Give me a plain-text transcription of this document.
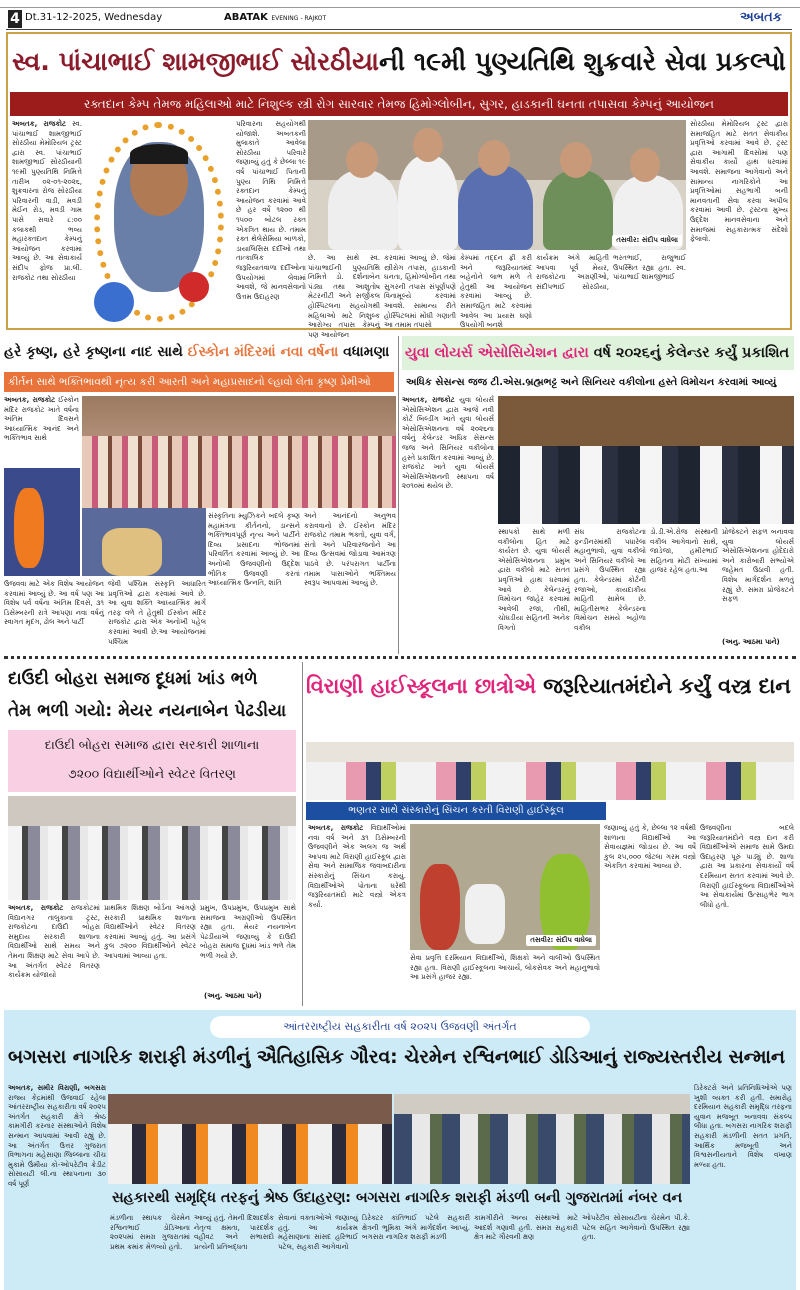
4 Dt.31-12-2025, Wednesday	ABATAK EVENING - RAJKOT	અબતક
સ્વ. પાંચાભાઈ શામજીભાઈ સોરઠીયાની ૧૯મી પુણ્યતિથિ શુક્રવારે સેવા પ્રકલ્પો
રક્તદાન કેમ્પ તેમજ મહિલાઓ માટે નિશુલ્ક સ્ત્રી રોગ સારવાર તેમજ હિમોગ્લોબીન, સુગર, હાડકાની ઘનતા તપાસવા કેમ્પનું આયોજન
અબતક, રાજકોટ સ્વ. પાંચાભાઈ શામજીભાઈ સોરઠીયા મેમોરિયલ ટ્રસ્ટ દ્વારા સ્વ. પાંચાભાઈ શામજીભાઈ સોરઠીયાની ૧૯મી પુણ્યતિથિ નિમિત્તે તારીખ ૦૨-૦૧-૨૦૨૬, શુક્રવારના રોજ સોરઠીયા પરિવારની વાડી, મવડી મેઈન રોડ, મવડી ગામ પાસે સવારે ૮:૦૦ કલાકથી ભવ્ય મહારક્તદાન કેમ્પનું આયોજન કરવામાં આવ્યું છે. આ સેવાકાર્ય સંદીપ ફોજ પ્રા.લી. રાજકોટ તથા સોરઠીયા
પરિવારના સહયોગથી યોજાશે. અબતકની મુલાકાતે આવેલા સોરઠીયા પરિવારે જણાવ્યું હતું કે છેલ્લા ૧૯ વર્ષ પાંચાભાઈ પિતાની પુણ્ય તિથિ નિમિત્તે રક્તદાન કેમ્પનું આયોજન કરવામાં આવે છે હર વર્ષે ૧૨૦૦ થી ૧૫૦૦ બોટલ રક્ત એકત્રિત થાય છે. તમામ રક્ત થેલેસેમિયા બાળકો, ડાયાલિસિસ દર્દીઓ તથા તાત્કાલિક જરૂરિયાતવાળા દર્દીઓના ઉપયોગમાં લેવામાં આવશે, જે માનવસેવાનો ઉત્તમ ઉદાહરણ
તસવીર: સંદીપ વાઘેલા
છે. આ સાથે સ્વ. પાંચાભાઈની પુણ્યતિથિ નિમિત્તે ડો. દર્શનાબેન પંડ્યા તથા આશુતોષ મેટરનીટી અને સર્જીકલ હોસ્પિટલના સહયોગથી મહિલાઓ માટે નિશુલ્ક આરોગ્ય તપાસ કેમ્પનું પણ આયોજન
કરવામાં આવ્યું છે. જેમાં સ્ત્રીરોગ તપાસ, હાડકાની ઘનતા, હિમોગ્લોબીન તથા સુગરની તપાસ સંપૂર્ણપણે વિનામૂલ્યે કરવામાં આવશે. સામાન્ય રીતે હોસ્પિટલમાં મોંઘી ગણાતી આ તમામ તપાસો
કેમ્પમાં તદ્દન ફ્રી કરી અને જરૂરિયાતમંદ બહેનોને લાભ મળે તે હેતુથી આ આયોજન કરવામાં આવ્યું છે. સમાજહિત માટે કરવામાં આવેલ આ પ્રયાસ ઘણો ઉપયોગી બનશે
કાર્યક્રમ અંગે માહિતી આપવા પૂર્વ મેયર, રાજકોટના અગ્રણીઓ, સંદીપભાઈ સોરઠીયા, ભરતભાઈ, રાજુભાઈ ઉપસ્થિત રહ્યા હતા. સ્વ. પાંચાભાઈ શામજીભાઈ
સોરઠીયા મેમોરિયલ ટ્રસ્ટ દ્વારા સમાજહિત માટે સતત સેવાકીય પ્રવૃત્તિઓ કરવામાં આવે છે. ટ્રસ્ટ દ્વારા આગામી દિવસોમાં પણ સેવાકીય કાર્યો હાથ ધરવામાં આવશે. સમાજના આગેવાનો અને સામાન્ય નાગરિકોને આ પ્રવૃત્તિઓમાં સહભાગી બની માનવતાની સેવા કરવા અપીલ કરવામાં આવી છે. ટ્રસ્ટના મુખ્ય ઉદ્દેશ માનવસેવાના અને સમાજમાં સહકારાત્મક સંદેશો ફેલાવો.
હરે કૃષ્ણ, હરે કૃષ્ણના નાદ સાથે ઈસ્કોન મંદિરમાં નવા વર્ષના વધામણા
કીર્તન સાથે ભક્તિભાવથી નૃત્ય કરી આરતી અને મહાપ્રસાદનો લ્હાવો લેતા કૃષ્ણ પ્રેમીઓ
અબતક, રાજકોટ ઈસ્કોન મંદિર રાજકોટ ખાતે વર્ષના અંતિમ દિવસને આધ્યાત્મિક આનંદ અને ભક્તિભાવ સાથે
સંસ્કૃતિના મ્યુઝિકને બદલે કૃષ્ણ મહામંત્રના કીર્તનનો, ડાન્સને ભક્તિભાવપૂર્ણ નૃત્ય અને પાર્ટીને દિવ્ય પ્રસાદના ભોજનમાં પરિવર્તિત કરવામાં આવ્યું છે. આ અનોખી ઉજવણીનો ઉદ્દેશ ભૌતિક ઉજવણી કરતાં આધ્યાત્મિક ઉન્નતિ, શાંતિ
અને આનંદનો અનુભવ કરાવવાનો છે. ઈસ્કોન મંદિર રાજકોટ તમામ ભક્તો, યુવા વર્ગ, સંતો અને પરિવારજનોને આ દિવ્ય ઉત્સવમાં જોડાવા આમંત્રણ પાઠવે છે. પરંપરાગત પાર્ટીના તમામ પાસાઓને ભક્તિમય સ્વરૂપ આપવામાં આવ્યું છે.
ઉજવવા માટે એક વિશેષ આયોજન કરવામાં આવ્યું છે. આ વર્ષ પણ આ વિશેષ પર્વ વર્ષના અંતિમ દિવસે, ૩૧ ડિસેમ્બરની રાત્રે આપણા નવા વર્ષનું સ્વાગત મૃદંગ, ઢોલ અને પાર્ટી
જેવી પશ્ચિમ સંસ્કૃતિ આધારિત પ્રવૃત્તિઓ દ્વારા કરવામાં આવે છે. આ યુવા શક્તિ આધ્યાત્મિક માર્ગ તરફ વળે તે હેતુથી ઈસ્કોન મંદિર રાજકોટ દ્વારા એક અનોખી પહેલ કરવામાં આવી છે.આ આયોજનમાં પશ્ચિમ
યુવા લોયર્સ એસોસિયેશન દ્વારા વર્ષ ૨૦૨૬નું કેલેન્ડર કર્યું પ્રકાશિત
અધિક સેસન્સ જજ ટી.એસ.બ્રહ્મભટ્ટ અને સિનિયર વકીલોના હસ્તે વિમોચન કરવામાં આવ્યું
અબતક, રાજકોટ યુવા લોયર્સ એસોસિએશન દ્વારા આજે નવી કોર્ટ બિલ્ડીંગ ખાતે યુવા લોયર્સ એસોસિએશનના વર્ષ ૨૦૨૬ના વર્ષનું કેલેન્ડર અધિક સેસન્સ જજ અને સિનિયર વકીલોના હસ્તે પ્રકાશિત કરવામાં આવ્યું છે. રાજકોટ ખાતે યુવા લોયર્સ એસોસિએશનની સ્થાપના વર્ષ ૨૦૧૦માં થયેલ છે.
સ્થાપકો સાથે મળી વકીલોના હિત માટે કાર્યરત છે. યુવા લોયર્સ એસોસિએશનના પ્રમુખ દ્વારા વકીલો માટે સતત પ્રવૃત્તિઓ હાથ ધરવામાં આવે છે. કેલેન્ડરનું વિમોચન જાહેર કરવામાં આવેલી રજા, તીથી, ચોઘડીયા સહિતની અનેક વિગતો
સંઘ રાજકોટના ફન્ડીનરમાંથી પધારેલા મહાનુભાવો, યુવા વકીલો અને સિનિયર વકીલો આ પ્રસંગે ઉપસ્થિત રહ્યા હતા. કેલેન્ડરમાં કોર્ટની રજાઓ, કાયદાકીય માહિતી સામેલ છે. માહિતીસભર કેલેન્ડરના વિમોચન સમયે બહોળા વકીલ
ડો.ડી.એ.રોજ સંસ્થાની વકીલ આગેવાનો સાથે, જાડેજા, હમીરભાઈ સહિતના મોટી સંખ્યામાં હાજર રહેલ હતા.આ
પ્રોજેક્ટને સફળ બનાવવા યુવા લોયર્સ એસોસિએશનના હોદેદારો અને કારોબારી સભ્યોએ જહેમત ઉઠાવી હતી. વિશેષ માર્ગદર્શન મળતું રહ્યું છે. સમગ્ર પ્રોજેક્ટને સફળ
(અનુ. આઠમા પાને)
દાઉદી બોહરા સમાજ દૂધમાં ખાંડ ભળે
તેમ ભળી ગયો: મેયર નયનાબેન પેઢડીયા
દાઉદી બોહરા સમાજ દ્વારા સરકારી શાળાના
૭૨૦૦ વિદ્યાર્થીઓને સ્વેટર વિતરણ
અબતક, રાજકોટ રાજકોટમાં વિદ્યાનગર તાલુકાના ટ્રસ્ટ, રાજકોટના દાઉદી બોહરા સમુદાય સરકારી શાળાના વિદ્યાર્થીઓ સાથે સમય અને તેમના શિક્ષણ માટે સેવા આપે છે. આ અંતર્ગત સ્વેટર વિતરણ કાર્યક્રમ યોજાયો
પ્રાથમિક શિક્ષણ બોર્ડના આંગણે સરકારી પ્રાથમિક શાળાના વિદ્યાર્થીઓને સ્વેટર વિતરણ કરવામાં આવ્યું હતું. આ પ્રસંગે કુલ ૭૨૦૦ વિદ્યાર્થીઓને સ્વેટર આપવામાં આવ્યા હતા.
પ્રમુખ, ઉપપ્રમુખ, ઉપપ્રમુખ સાથે સમાજના અગ્રણીઓ ઉપસ્થિત રહ્યા હતા. મેયર નયનાબેન પેઢડીયાએ જણાવ્યું કે દાઉદી બોહરા સમાજ દૂધમાં ખાંડ ભળે તેમ ભળી ગયો છે.
(અનુ. આઠમા પાને)
વિરાણી હાઈસ્કૂલના છાત્રોએ જરૂરિયાતમંદોને કર્યું વસ્ત્ર દાન
ભણતર સાથે સંસ્કારોનું સિંચન કરતી વિરાણી હાઈસ્કૂલ
અબતક, રાજકોટ વિદ્યાર્થીઓમાં નવા વર્ષ અને ૩૧ ડિસેમ્બરની ઉજવણીને એક અલગ જ અર્થ આપવા માટે વિરાણી હાઈસ્કૂલ દ્વારા સેવા અને સામાજિક જવાબદારીના સંસ્કારોનું સિંચન કરાયું. વિદ્યાર્થીઓએ પોતાના ઘરેથી જરૂરિયાતમંદો માટે વસ્ત્રો એકત્ર કર્યા.
તસવીર: સંદીપ વાઘેલા
સેવા પ્રવૃત્તિ દરમિયાન વિદ્યાર્થીઓ, શિક્ષકો અને વાલીઓ ઉપસ્થિત રહ્યા હતા. વિરાણી હાઈસ્કૂલના આચાર્ય, લોકસેવક અને મહાનુભાવો આ પ્રસંગે હાજર રહ્યા.
જણાવ્યું હતું કે, છેલ્લા ૧૨ વર્ષથી શાળાના વિદ્યાર્થીઓ આ સેવાયજ્ઞમાં જોડાય છે. આ વર્ષે કુલ ૨૫,૦૦૦ જેટલા ગરમ વસ્ત્રો એકત્રિત કરવામાં આવ્યા છે.
ઉજવણીના બદલે જરૂરિયાતમંદોને વસ્ત્ર દાન કરી વિદ્યાર્થીઓએ સમાજ સામે ઉમદા ઉદાહરણ પૂરું પાડ્યું છે. શાળા દ્વારા આ પ્રકારના સેવાકાર્યો વર્ષ દરમિયાન સતત કરવામાં આવે છે. વિરાણી હાઈસ્કૂલના વિદ્યાર્થીઓએ આ સેવાકાર્યમાં ઉત્સાહભેર ભાગ લીધો હતો.
આંતરરાષ્ટ્રીય સહકારીતા વર્ષ ૨૦૨૫ ઉજવણી અંતર્ગત
બગસરા નાગરિક શરાફી મંડળીનું ઐતિહાસિક ગૌરવ: ચેરમેન રશ્વિનભાઈ ડોડિઆનું રાજ્યસ્તરીય સન્માન
અબતક, સમીર વિરાણી, બગસરા રાજ્ય કેંદ્રમાંથી ઉજવાઈ રહેલા આંતરરાષ્ટ્રીય સહકારીતા વર્ષ ૨૦૨૫ અંતર્ગત સહકારી ક્ષેત્રે શ્રેષ્ઠ કામગીરી કરનાર સંસ્થાઓને વિશેષ સન્માન આપવામાં આવી રહ્યું છે. આ અંતર્ગત ઉત્તર ગુજરાત વિભાગના મહેસાણા જિલ્લાના ચીચ મુકામે ઉંમીયા કો-ઓપરેટીવ ક્રેડીટ સોસાયટી લી.ના સ્થાપનાના ૩૦ વર્ષ પૂર્ણ
ડિરેક્ટરો અને પ્રતિનિધિઓએ પણ ખુશી વ્યક્ત કરી હતી. સમારોહ દરમિયાન સહકારી સમૃદ્ધિ તરફના યુવાન મજબૂત બનાવવા સંકલ્પ લીધા હતા. બગસરા નાગરિક શરાફી સહકારી મંડળીની સતત પ્રગતિ, આર્થિક મજબૂતી અને વિશ્વસનીયતાને વિશેષ વખાણ મળ્યા હતા.
સહકારથી સમૃદ્ધિ તરફનું શ્રેષ્ઠ ઉદાહરણ: બગસરા નાગરિક શરાફી મંડળી બની ગુજરાતમાં નંબર વન
મંડળીના સ્થાપક ચેરમેન રશ્વિનભાઈ ડોડિઆના ૨૦૨૫માં સમગ્ર ગુજરાતમાં પ્રથમ ક્રમાંક મેળવ્યો હતો.
આવ્યું હતું. તેમની દિશાદર્શક નેતૃત્વ ક્ષમતા, પારદર્શક વહીવટ અને સભાસદો પ્રત્યેની પ્રતિબદ્ધતા
સેવાનાં વક્તાઓએ જણાવ્યું હતું. આ કાર્યક્રમ મહેસાણાના સાંસદ હરિભાઈ પટેલ, સહકારી આગેવાનો
ડિરેક્ટર કાંતિભાઈ પટેલે સહકારી ક્ષેત્રની ભૂમિકા અંગે માર્ગદર્શન આપ્યું. બગસરા નાગરિક શરાફી મંડળી
કામગીરીને અન્ય સંસ્થાઓ માટે આદર્શ ગણાવી હતી. સમગ્ર સહકારી ક્ષેત્ર માટે ગૌરવની ક્ષણ
ઓપરેટીવ સોસાયટીના ચેરમેન પી.કે. પટેલ સહિત આગેવાનો ઉપસ્થિત રહ્યા હતા.
